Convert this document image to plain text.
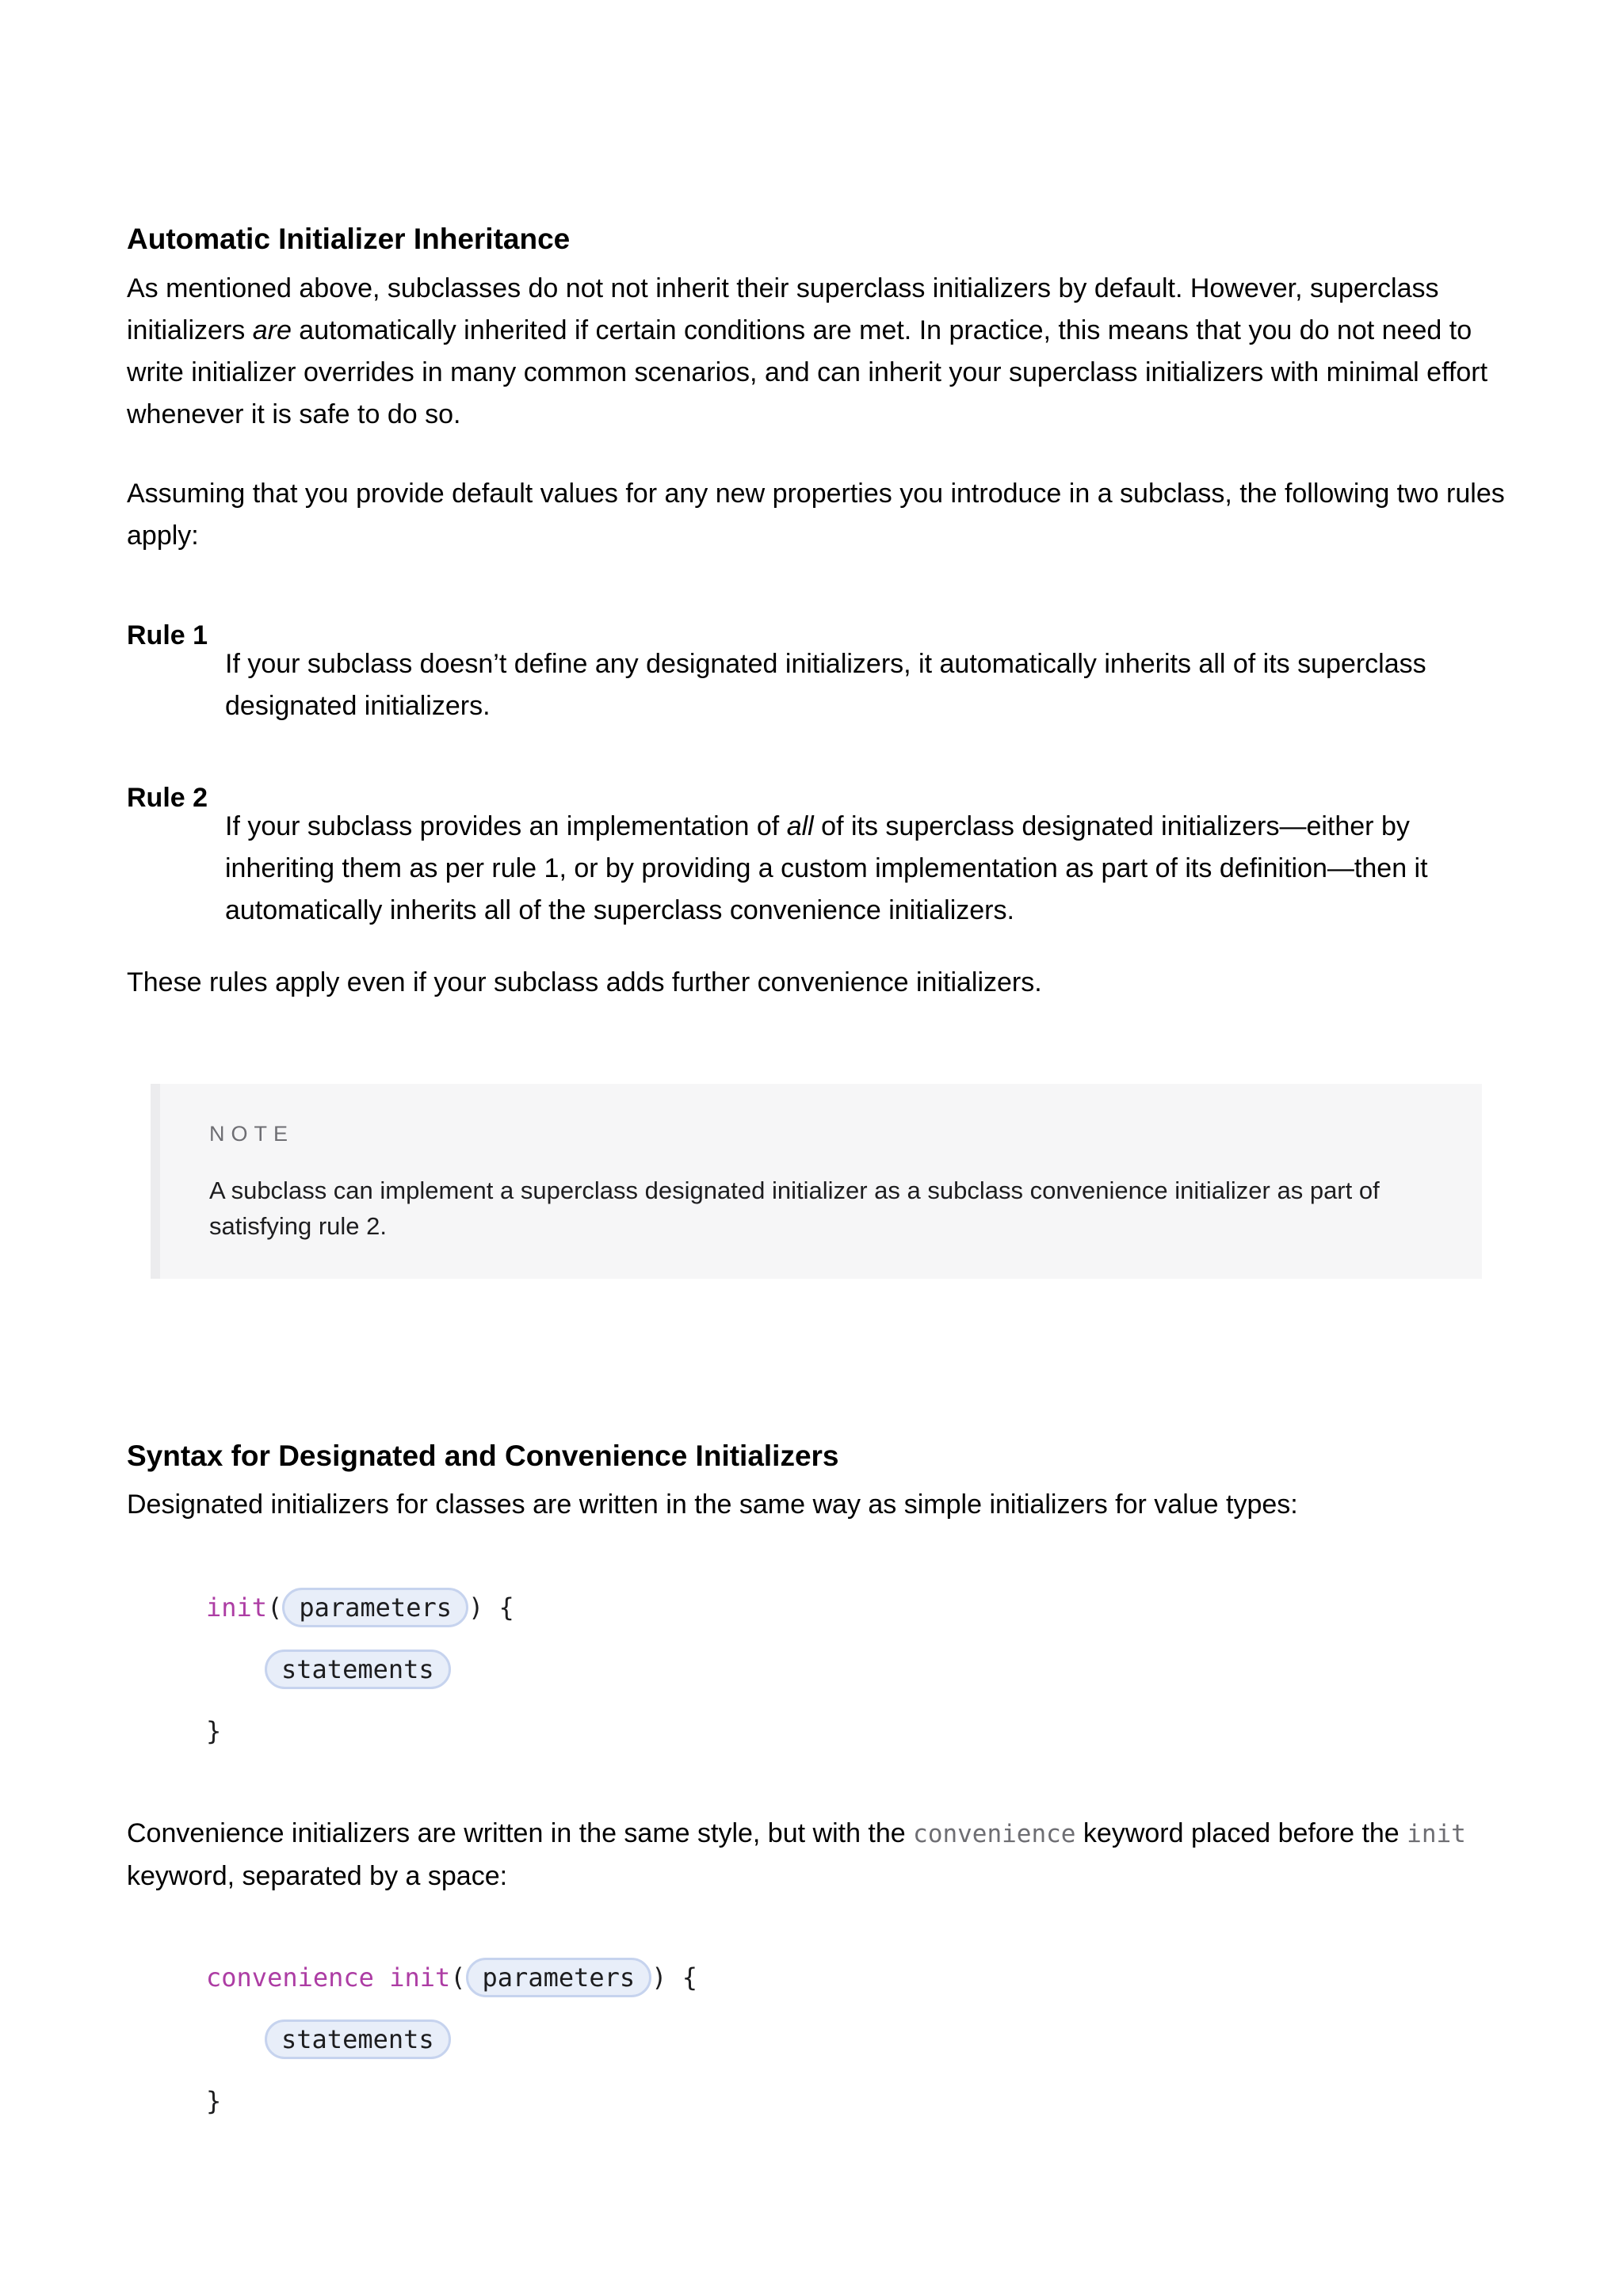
Automatic Initializer Inheritance

As mentioned above, subclasses do not not inherit their superclass initializers by default. However, superclass initializers are automatically inherited if certain conditions are met. In practice, this means that you do not need to write initializer overrides in many common scenarios, and can inherit your superclass initializers with minimal effort whenever it is safe to do so.

Assuming that you provide default values for any new properties you introduce in a subclass, the following two rules apply:

Rule 1
If your subclass doesn’t define any designated initializers, it automatically inherits all of its superclass designated initializers.
Rule 2
If your subclass provides an implementation of all of its superclass designated initializers—either by inheriting them as per rule 1, or by providing a custom implementation as part of its definition—then it automatically inherits all of the superclass convenience initializers.

These rules apply even if your subclass adds further convenience initializers.

NOTE
A subclass can implement a superclass designated initializer as a subclass convenience initializer as part of satisfying rule 2.
Syntax for Designated and Convenience Initializers

Designated initializers for classes are written in the same way as simple initializers for value types:

init( parameters ) {
statements
}

Convenience initializers are written in the same style, but with the convenience keyword placed before the init keyword, separated by a space:

convenience init( parameters ) {
statements
}
